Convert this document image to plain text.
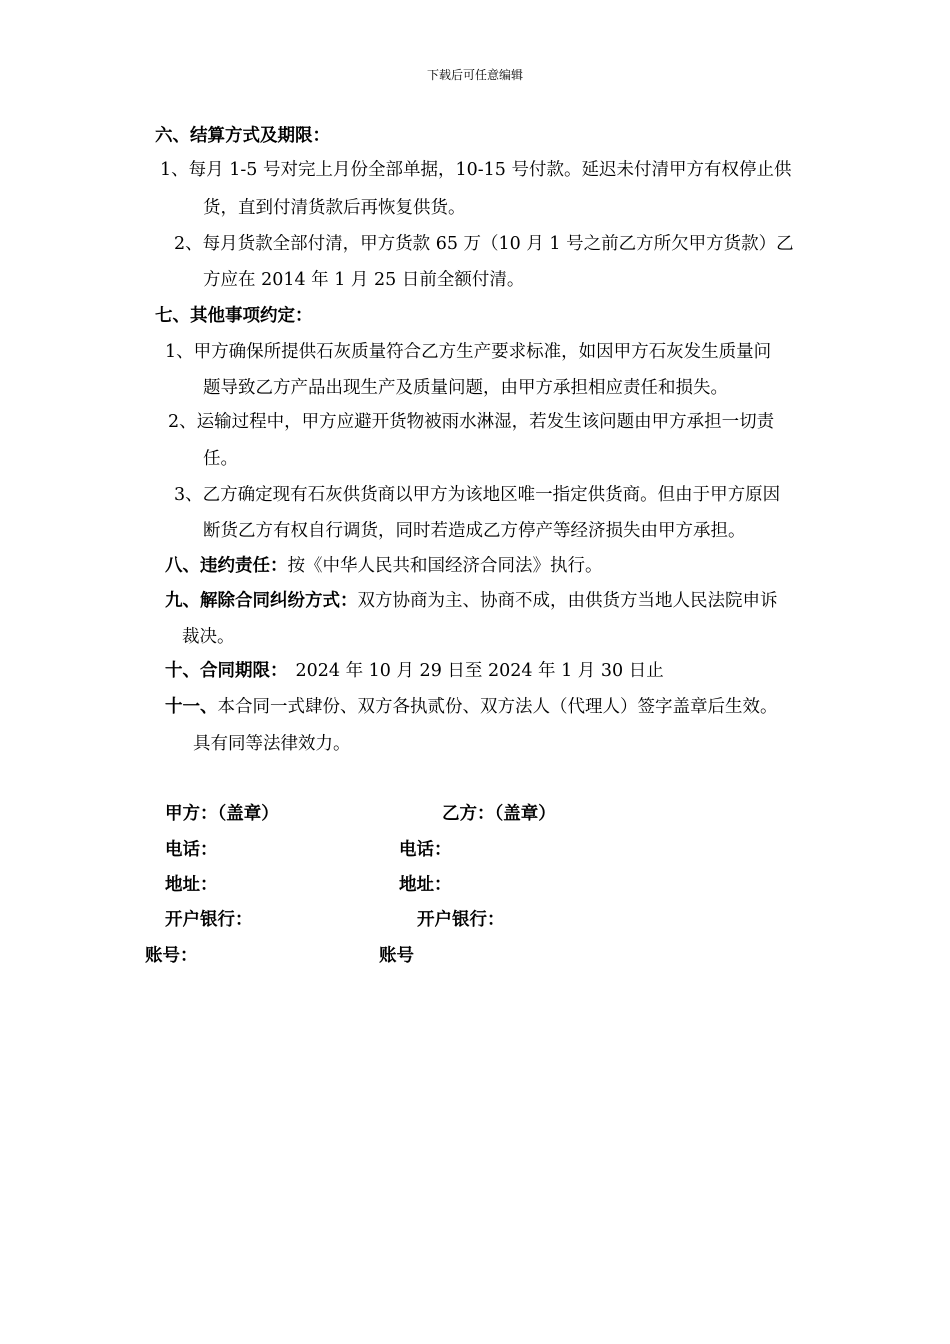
下载后可任意编辑
六、结算方式及期限：
1、每月 1-5 号对完上月份全部单据，10-15 号付款。延迟未付清甲方有权停止供
货，直到付清货款后再恢复供货。
2、每月货款全部付清，甲方货款 65 万（10 月 1 号之前乙方所欠甲方货款）乙
方应在 2014 年 1 月 25 日前全额付清。
七、其他事项约定：
1、甲方确保所提供石灰质量符合乙方生产要求标准，如因甲方石灰发生质量问
题导致乙方产品出现生产及质量问题，由甲方承担相应责任和损失。
2、运输过程中，甲方应避开货物被雨水淋湿，若发生该问题由甲方承担一切责
任。
3、乙方确定现有石灰供货商以甲方为该地区唯一指定供货商。但由于甲方原因
断货乙方有权自行调货，同时若造成乙方停产等经济损失由甲方承担。
八、违约责任：按《中华人民共和国经济合同法》执行。
九、解除合同纠纷方式：双方协商为主、协商不成，由供货方当地人民法院申诉
裁决。
十、合同期限： 2024 年 10 月 29 日至 2024 年 1 月 30 日止
十一、本合同一式肆份、双方各执贰份、双方法人（代理人）签字盖章后生效。
具有同等法律效力。
甲方：（盖章）	乙方：（盖章）
电话：	电话：
地址：	地址：
开户银行：	开户银行：
账号：	账号
